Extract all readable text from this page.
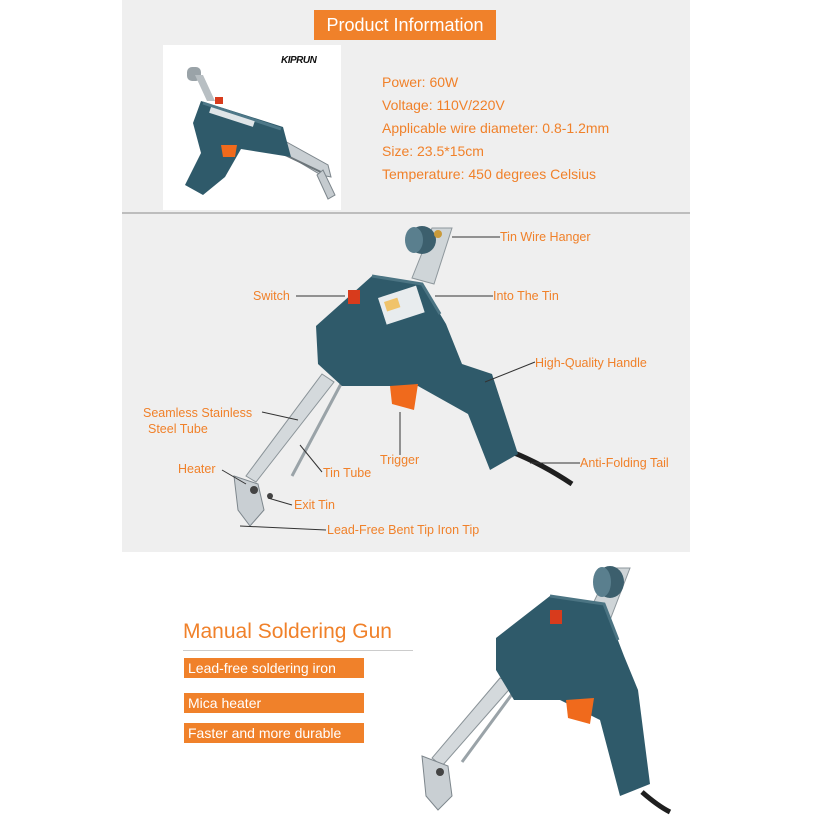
Product Information
KIPRUN
Power: 60W
Voltage: 110V/220V
Applicable wire diameter: 0.8-1.2mm
Size: 23.5*15cm
Temperature: 450 degrees Celsius
Tin Wire Hanger
Into The Tin
Switch
High-Quality Handle
Seamless Stainless
Steel Tube
Trigger
Heater	Tin Tube
Anti-Folding Tail
Exit Tin
Lead-Free Bent Tip Iron Tip
Manual Soldering Gun
Lead-free soldering iron
Mica heater
Faster and more durable
